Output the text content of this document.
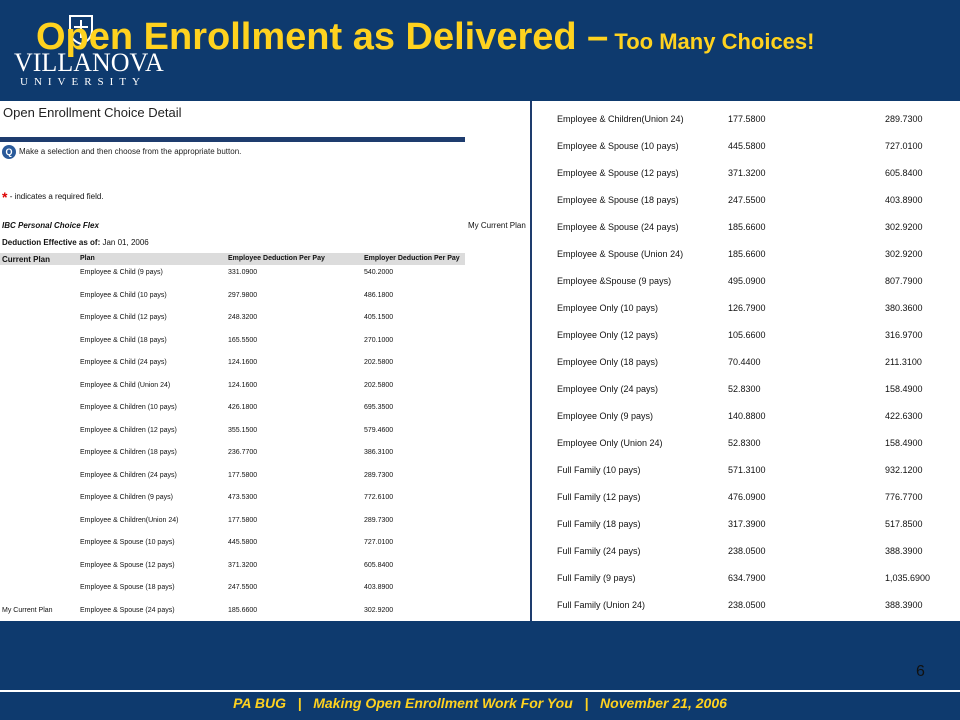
VILLANOVA
UNIVERSITY
Open Enrollment as Delivered – Too Many Choices!
Open Enrollment Choice Detail
Q Make a selection and then choose from the appropriate button.
* - indicates a required field.
IBC Personal Choice Flex	My Current Plan
Deduction Effective as of: Jan 01, 2006
Current Plan	Plan	Employee Deduction Per Pay	Employer Deduction Per Pay
Employee & Child (9 pays)	331.0900	540.2000
Employee & Child (10 pays)	297.9800	486.1800
Employee & Child (12 pays)	248.3200	405.1500
Employee & Child (18 pays)	165.5500	270.1000
Employee & Child (24 pays)	124.1600	202.5800
Employee & Child (Union 24)	124.1600	202.5800
Employee & Children (10 pays)	426.1800	695.3500
Employee & Children (12 pays)	355.1500	579.4600
Employee & Children (18 pays)	236.7700	386.3100
Employee & Children (24 pays)	177.5800	289.7300
Employee & Children (9 pays)	473.5300	772.6100
Employee & Children(Union 24)	177.5800	289.7300
Employee & Spouse (10 pays)	445.5800	727.0100
Employee & Spouse (12 pays)	371.3200	605.8400
Employee & Spouse (18 pays)	247.5500	403.8900
My Current Plan	Employee & Spouse (24 pays)	185.6600	302.9200
Employee & Children(Union 24)	177.5800	289.7300
Employee & Spouse (10 pays)	445.5800	727.0100
Employee & Spouse (12 pays)	371.3200	605.8400
Employee & Spouse (18 pays)	247.5500	403.8900
Employee & Spouse (24 pays)	185.6600	302.9200
Employee & Spouse (Union 24)	185.6600	302.9200
Employee &Spouse (9 pays)	495.0900	807.7900
Employee Only (10 pays)	126.7900	380.3600
Employee Only (12 pays)	105.6600	316.9700
Employee Only (18 pays)	70.4400	211.3100
Employee Only (24 pays)	52.8300	158.4900
Employee Only (9 pays)	140.8800	422.6300
Employee Only (Union 24)	52.8300	158.4900
Full Family (10 pays)	571.3100	932.1200
Full Family (12 pays)	476.0900	776.7700
Full Family (18 pays)	317.3900	517.8500
Full Family (24 pays)	238.0500	388.3900
Full Family (9 pays)	634.7900	1,035.6900
Full Family (Union 24)	238.0500	388.3900
6
PA BUG   |   Making Open Enrollment Work For You   |   November 21, 2006
